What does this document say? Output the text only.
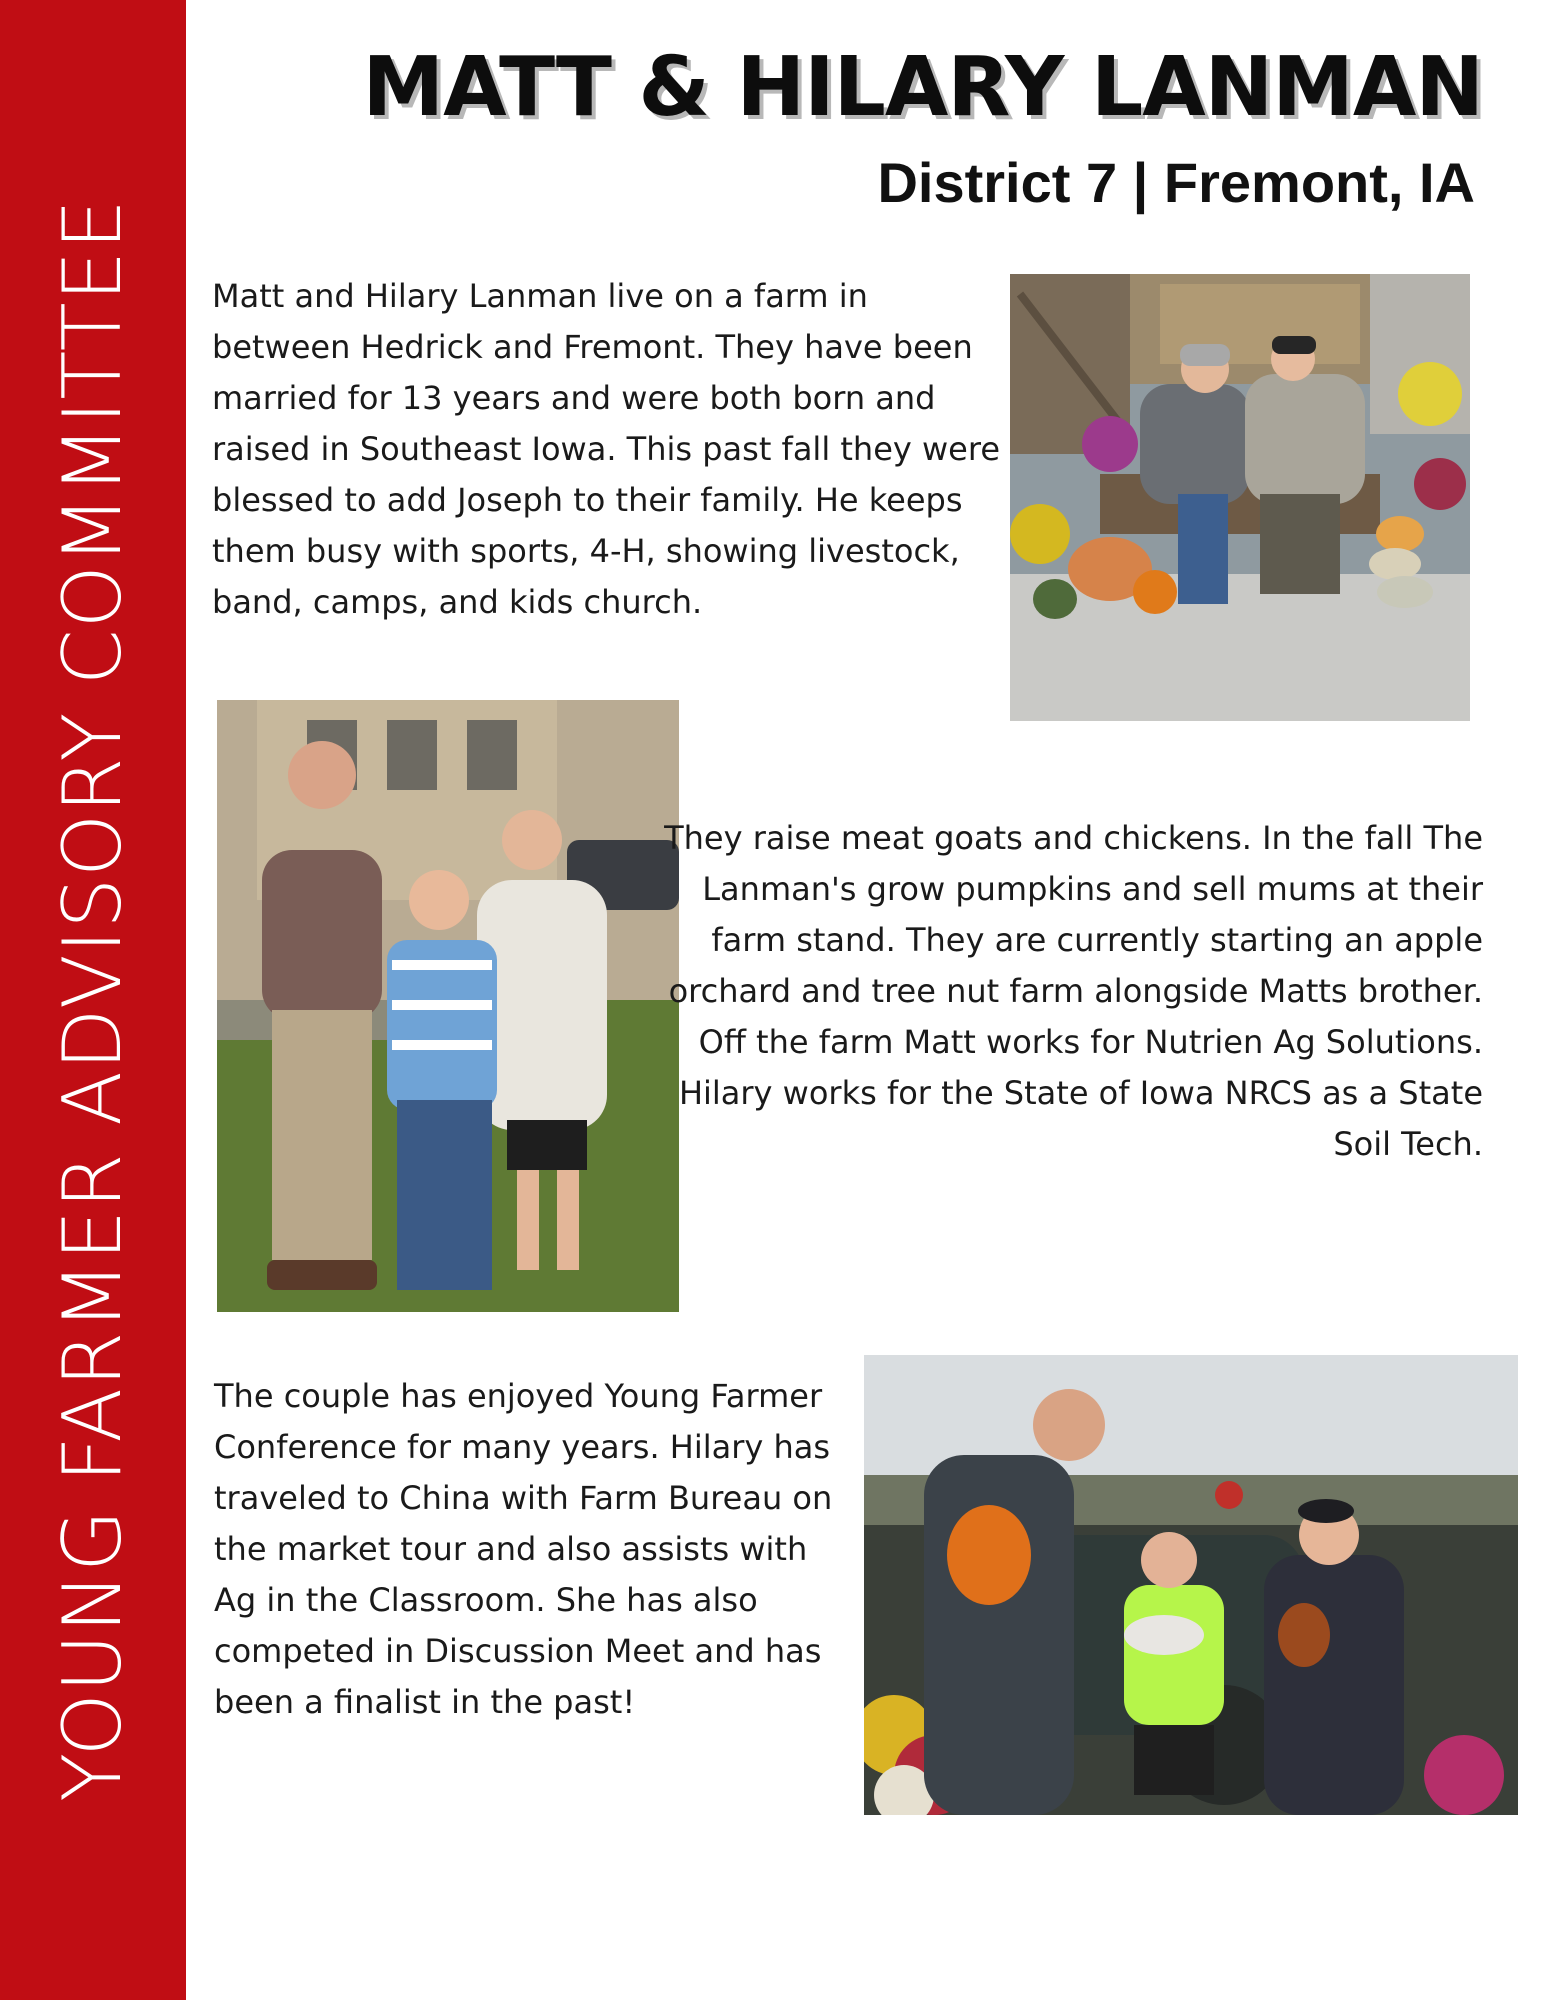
YOUNG FARMER ADVISORY COMMITTEE
MATT & HILARY LANMAN
District 7 | Fremont, IA

Matt and Hilary Lanman live on a farm in between Hedrick and Fremont. They have been married for 13 years and were both born and raised in Southeast Iowa. This past fall they were blessed to add Joseph to their family. He keeps them busy with sports, 4-H, showing livestock, band, camps, and kids church.

They raise meat goats and chickens. In the fall The Lanman's grow pumpkins and sell mums at their farm stand. They are currently starting an apple orchard and tree nut farm alongside Matts brother. Off the farm Matt works for Nutrien Ag Solutions. Hilary works for the State of Iowa NRCS as a State Soil Tech.

The couple has enjoyed Young Farmer Conference for many years. Hilary has traveled to China with Farm Bureau on the market tour and also assists with Ag in the Classroom. She has also competed in Discussion Meet and has been a finalist in the past!
